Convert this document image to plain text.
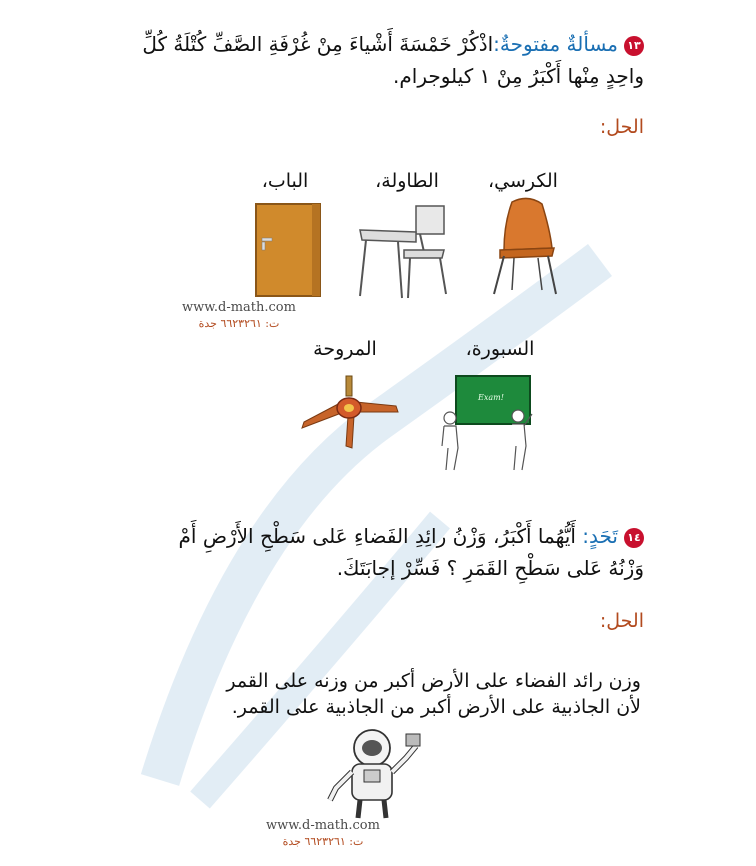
١٣مسألةٌ مفتوحةٌ:اذْكُرْ خَمْسَةَ أَشْياءَ مِنْ غُرْفَةِ الصَّفِّ كُتْلَةُ كُلِّ
واحِدٍ مِنْها أَكْبَرُ مِنْ ١ كيلوجرام.
الحل:
الكرسي،
الطاولة،
الباب،
www.d-math.com
ت: ٦٦٢٣٢٦١ جدة
السبورة،
المروحة
Exam!
١٤تَحَدٍ: أَيُّهُما أَكْبَرُ، وَزْنُ رائِدِ الفَضاءِ عَلى سَطْحِ الأَرْضِ أَمْ
وَزْنُهُ عَلى سَطْحِ القَمَرِ ؟ فَسِّرْ إجابَتَكَ.
الحل:
وزن رائد الفضاء على الأرض أكبر من وزنه على القمر
لأن الجاذبية على الأرض أكبر من الجاذبية على القمر.
www.d-math.com
ت: ٦٦٢٣٢٦١ جدة
